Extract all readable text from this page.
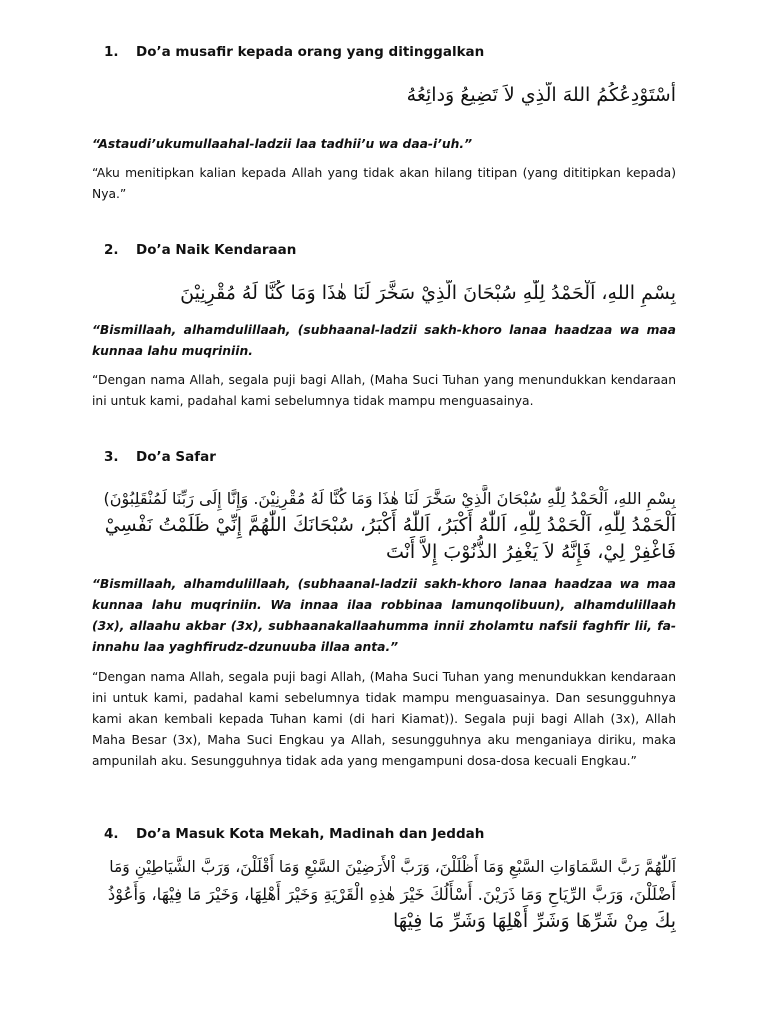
1. Do’a musafir kepada orang yang ditinggalkan
أَسْتَوْدِعُكُمُ اللهَ الَّذِي لاَ تَضِيعُ وَدائِعُهُ
“Astaudi’ukumullaahal-ladzii laa tadhii’u wa daa-i’uh.”
“Aku menitipkan kalian kepada Allah yang tidak akan hilang titipan (yang dititipkan kepada) Nya.”
2. Do’a Naik Kendaraan
بِسْمِ اللهِ، اَلْحَمْدُ لِلّٰهِ سُبْحَانَ الَّذِيْ سَخَّرَ لَنَا هٰذَا وَمَا كُنَّا لَهُ مُقْرِنِيْنَ
“Bismillaah, alhamdulillaah, (subhaanal-ladzii sakh-khoro lanaa haadzaa wa maa kunnaa lahu muqriniin.
“Dengan nama Allah, segala puji bagi Allah, (Maha Suci Tuhan yang menundukkan kendaraan ini untuk kami, padahal kami sebelumnya tidak mampu menguasainya.
3. Do’a Safar
بِسْمِ اللهِ، اَلْحَمْدُ لِلّٰهِ سُبْحَانَ الَّذِيْ سَخَّرَ لَنَا هٰذَا وَمَا كُنَّا لَهُ مُقْرِنِيْنَ. وَإِنَّا إِلَى رَبِّنَا لَمُنْقَلِبُوْنَ)
اَلْحَمْدُ لِلّٰهِ، اَلْحَمْدُ لِلّٰهِ، اَللّٰهُ أَكْبَرُ، اَللّٰهُ أَكْبَرُ، سُبْحَانَكَ اللّٰهُمَّ إِنِّيْ ظَلَمْتُ نَفْسِيْ
فَاغْفِرْ لِيْ، فَإِنَّهُ لاَ يَغْفِرُ الذُّنُوْبَ إِلاَّ أَنْتَ
“Bismillaah, alhamdulillaah, (subhaanal-ladzii sakh-khoro lanaa haadzaa wa maa kunnaa lahu muqriniin. Wa innaa ilaa robbinaa lamunqolibuun), alhamdulillaah (3x), allaahu akbar (3x), subhaanakallaahumma innii zholamtu nafsii faghfir lii, fa-innahu laa yaghfirudz-dzunuuba illaa anta.”
“Dengan nama Allah, segala puji bagi Allah, (Maha Suci Tuhan yang menundukkan kendaraan ini untuk kami, padahal kami sebelumnya tidak mampu menguasainya. Dan sesungguhnya kami akan kembali kepada Tuhan kami (di hari Kiamat)). Segala puji bagi Allah (3x), Allah Maha Besar (3x), Maha Suci Engkau ya Allah, sesungguhnya aku menganiaya diriku, maka ampunilah aku. Sesungguhnya tidak ada yang mengampuni dosa-dosa kecuali Engkau.”
4. Do’a Masuk Kota Mekah, Madinah dan Jeddah
اَللّٰهُمَّ رَبَّ السَّمَاوَاتِ السَّبْعِ وَمَا أَظْلَلْنَ، وَرَبَّ اْلأَرَضِيْنَ السَّبْعِ وَمَا أَقْلَلْنَ، وَرَبَّ الشَّيَاطِيْنِ وَمَا
أَضْلَلْنَ، وَرَبَّ الرِّيَاحِ وَمَا ذَرَيْنَ. أَسْأَلُكَ خَيْرَ هٰذِهِ الْقَرْيَةِ وَخَيْرَ أَهْلِهَا، وَخَيْرَ مَا فِيْهَا، وَأَعُوْذُ
بِكَ مِنْ شَرِّهَا وَشَرِّ أَهْلِهَا وَشَرِّ مَا فِيْهَا
